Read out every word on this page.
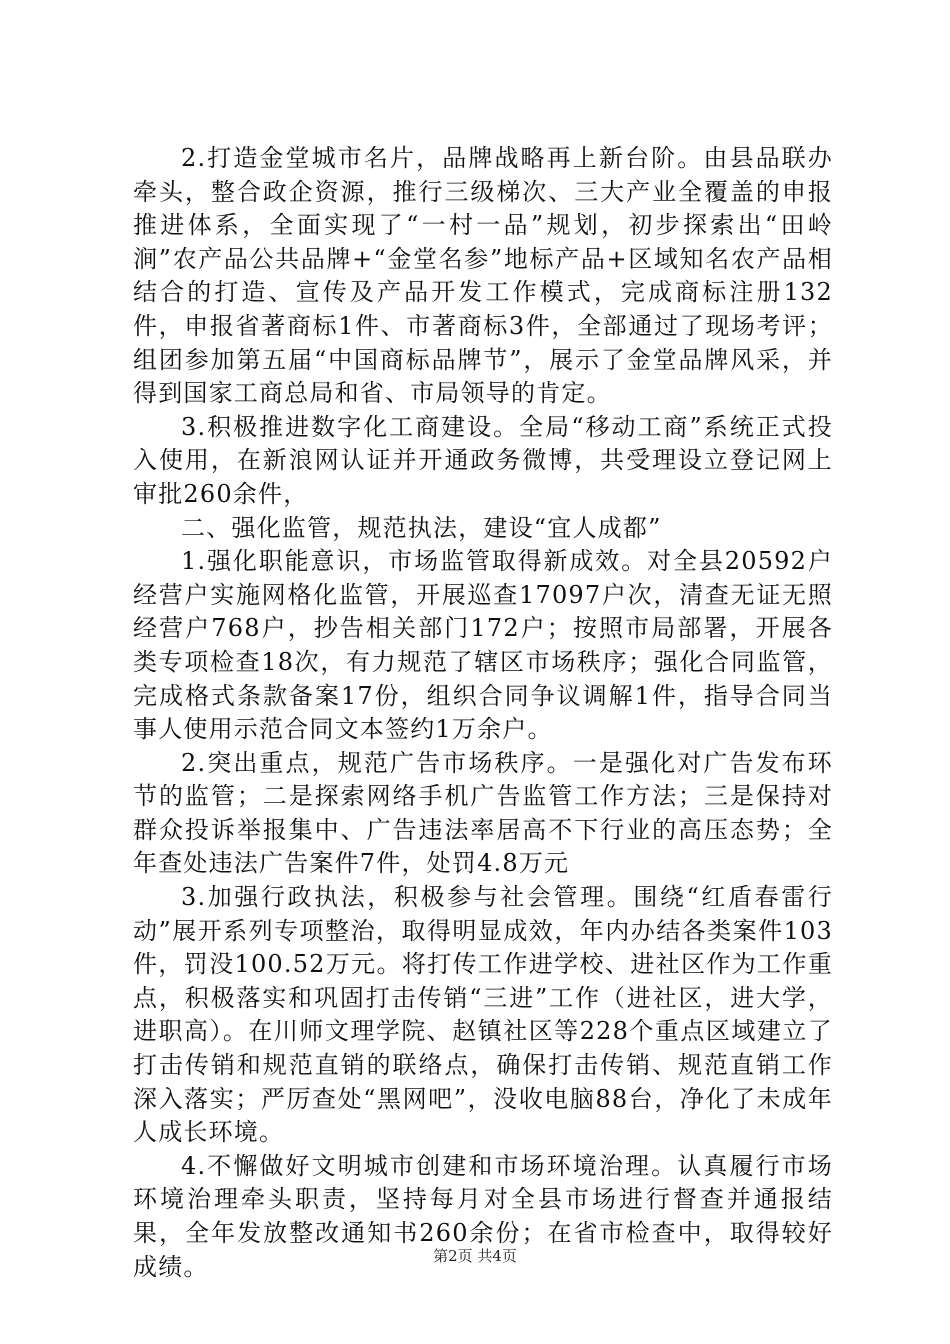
2.打造金堂城市名片，品牌战略再上新台阶。由县品联办牵头，整合政企资源，推行三级梯次、三大产业全覆盖的申报推进体系，全面实现了“一村一品”规划，初步探索出“田岭涧”农产品公共品牌+“金堂名参”地标产品+区域知名农产品相结合的打造、宣传及产品开发工作模式，完成商标注册132件，申报省著商标1件、市著商标3件，全部通过了现场考评；组团参加第五届“中国商标品牌节”，展示了金堂品牌风采，并得到国家工商总局和省、市局领导的肯定。

3.积极推进数字化工商建设。全局“移动工商”系统正式投入使用，在新浪网认证并开通政务微博，共受理设立登记网上审批260余件，

二、强化监管，规范执法，建设“宜人成都”

1.强化职能意识，市场监管取得新成效。对全县20592户经营户实施网格化监管，开展巡查17097户次，清查无证无照经营户768户，抄告相关部门172户；按照市局部署，开展各类专项检查18次，有力规范了辖区市场秩序；强化合同监管，完成格式条款备案17份，组织合同争议调解1件，指导合同当事人使用示范合同文本签约1万余户。

2.突出重点，规范广告市场秩序。一是强化对广告发布环节的监管；二是探索网络手机广告监管工作方法；三是保持对群众投诉举报集中、广告违法率居高不下行业的高压态势；全年查处违法广告案件7件，处罚4.8万元

3.加强行政执法，积极参与社会管理。围绕“红盾春雷行动”展开系列专项整治，取得明显成效，年内办结各类案件103件，罚没100.52万元。将打传工作进学校、进社区作为工作重点，积极落实和巩固打击传销“三进”工作（进社区，进大学，进职高）。在川师文理学院、赵镇社区等228个重点区域建立了打击传销和规范直销的联络点，确保打击传销、规范直销工作深入落实；严厉查处“黑网吧”，没收电脑88台，净化了未成年人成长环境。

4.不懈做好文明城市创建和市场环境治理。认真履行市场环境治理牵头职责，坚持每月对全县市场进行督查并通报结果，全年发放整改通知书260余份；在省市检查中，取得较好成绩。	第2页 共4页
